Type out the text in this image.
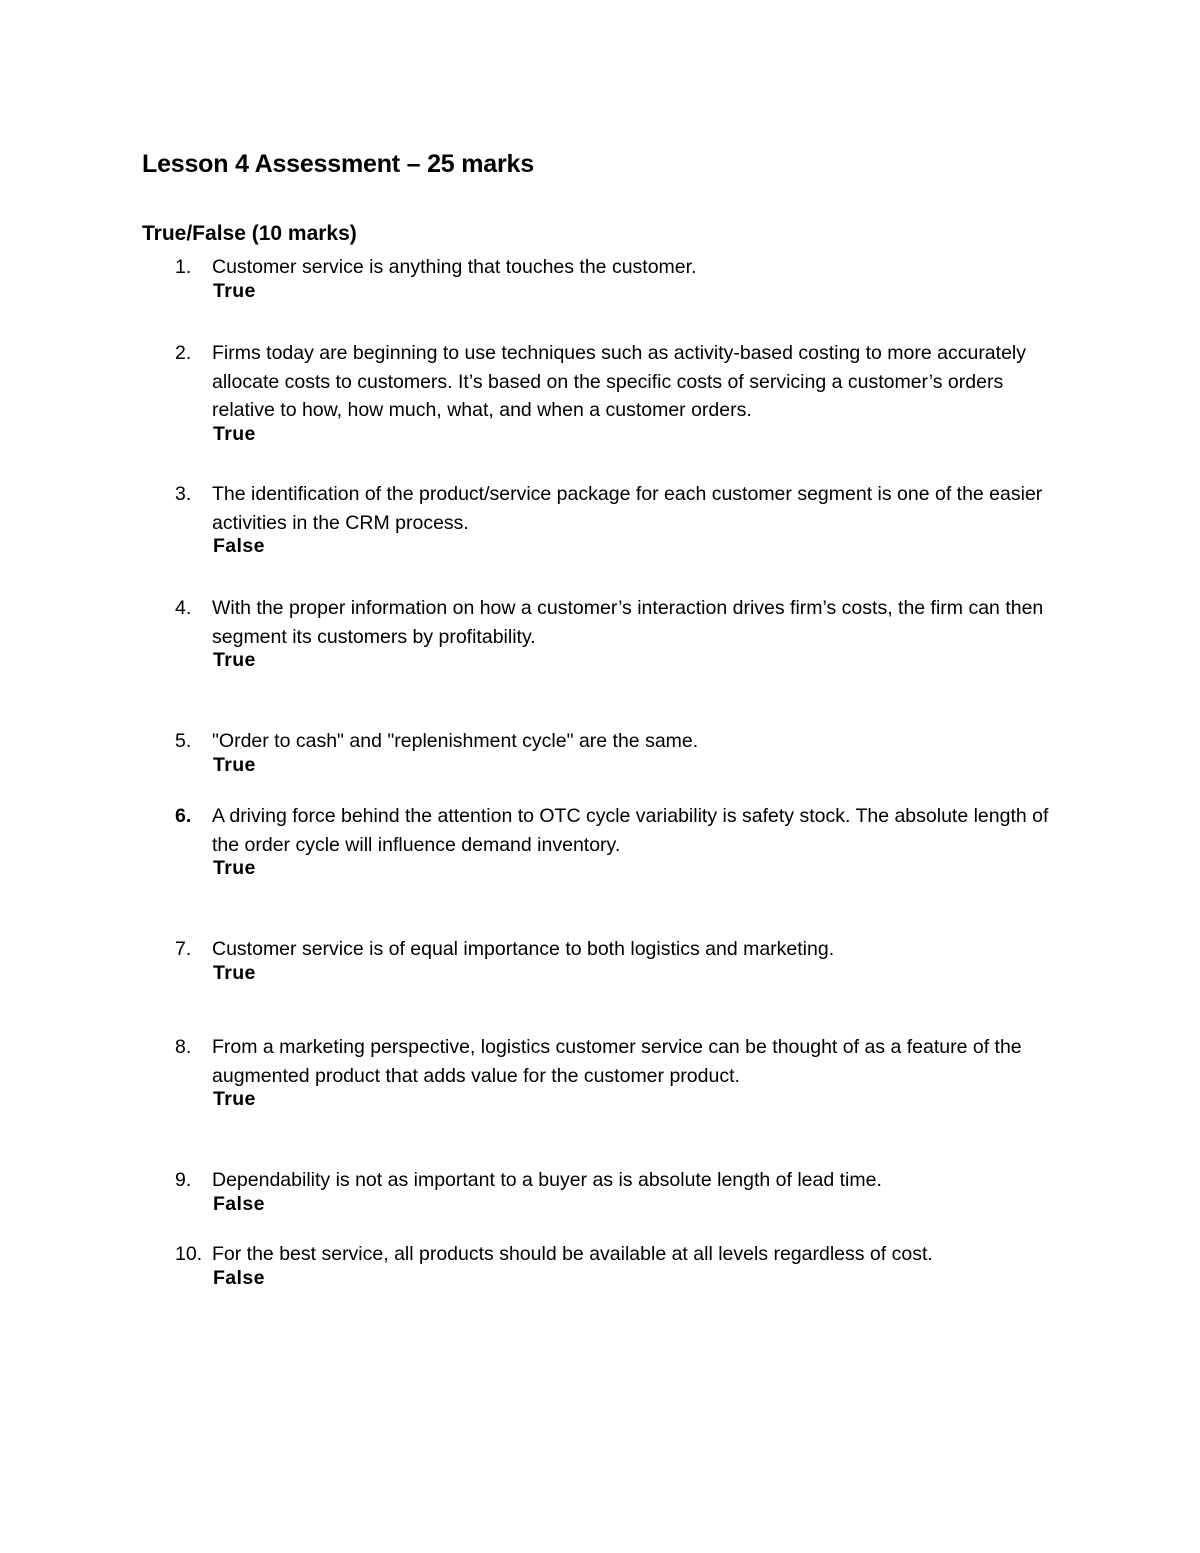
Lesson 4 Assessment – 25 marks
True/False (10 marks)
1.	Customer service is anything that touches the customer.

True
2.	Firms today are beginning to use techniques such as activity-based costing to more accurately allocate costs to customers. It’s based on the specific costs of servicing a customer’s orders relative to how, how much, what, and when a customer orders.

True
3.	The identification of the product/service package for each customer segment is one of the easier activities in the CRM process.

False
4.	With the proper information on how a customer’s interaction drives firm’s costs, the firm can then segment its customers by profitability.

True
5.	"Order to cash" and "replenishment cycle" are the same.

True
6.	A driving force behind the attention to OTC cycle variability is safety stock. The absolute length of the order cycle will influence demand inventory.

True
7.	Customer service is of equal importance to both logistics and marketing.

True
8.	From a marketing perspective, logistics customer service can be thought of as a feature of the augmented product that adds value for the customer product.

True
9.	Dependability is not as important to a buyer as is absolute length of lead time.

False
10. For the best service, all products should be available at all levels regardless of cost.

False
